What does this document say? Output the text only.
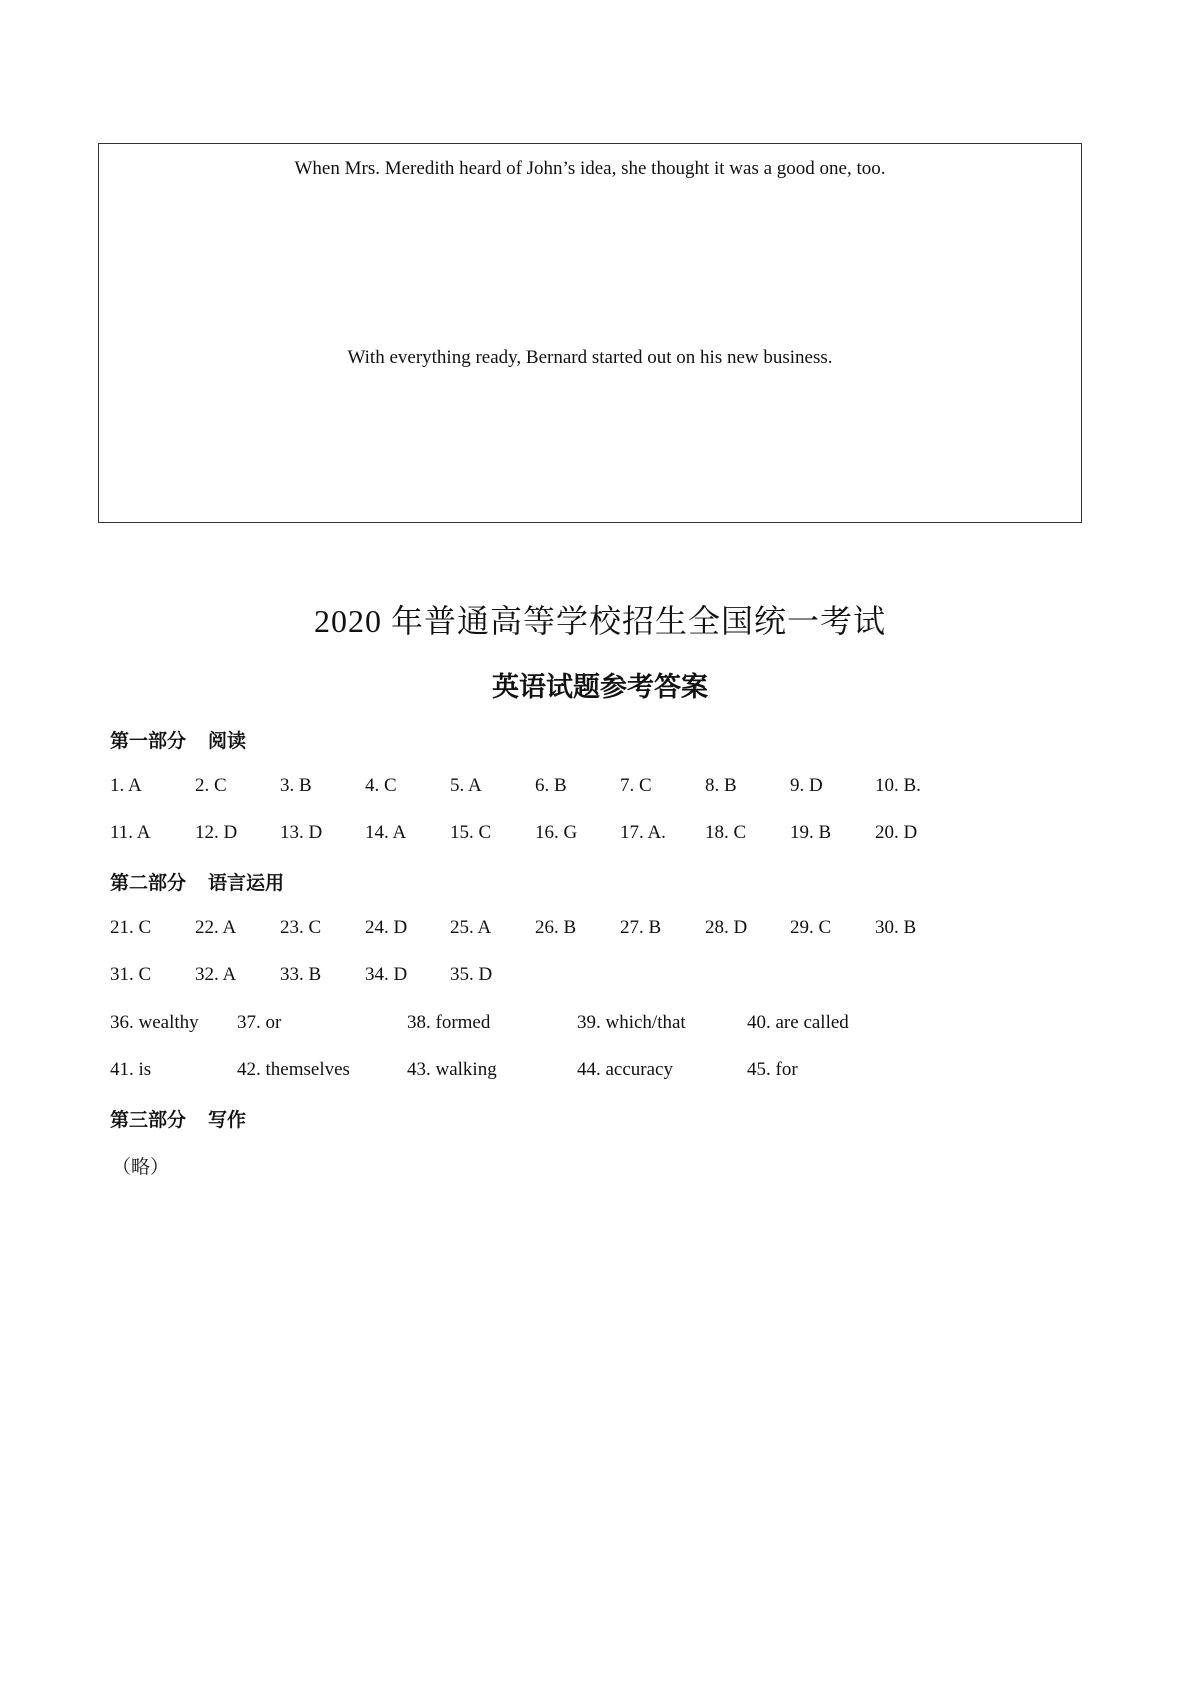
When Mrs. Meredith heard of John’s idea, she thought it was a good one, too.
With everything ready, Bernard started out on his new business.
2020 年普通高等学校招生全国统一考试
英语试题参考答案
第一部分 阅读
1. A	2. C	3. B	4. C	5. A	6. B	7. C	8. B	9. D	10. B.
11. A 12. D 13. D 14. A 15. C 16. G 17. A. 18. C 19. B 20. D
第二部分 语言运用
21. C 22. A 23. C 24. D 25. A 26. B 27. B 28. D 29. C 30. B
31. C 32. A 33. B 34. D 35. D
36. wealthy 37. or	38. formed	39. which/that	40. are called
41. is	42. themselves	43. walking	44. accuracy	45. for
第三部分 写作
（略）
